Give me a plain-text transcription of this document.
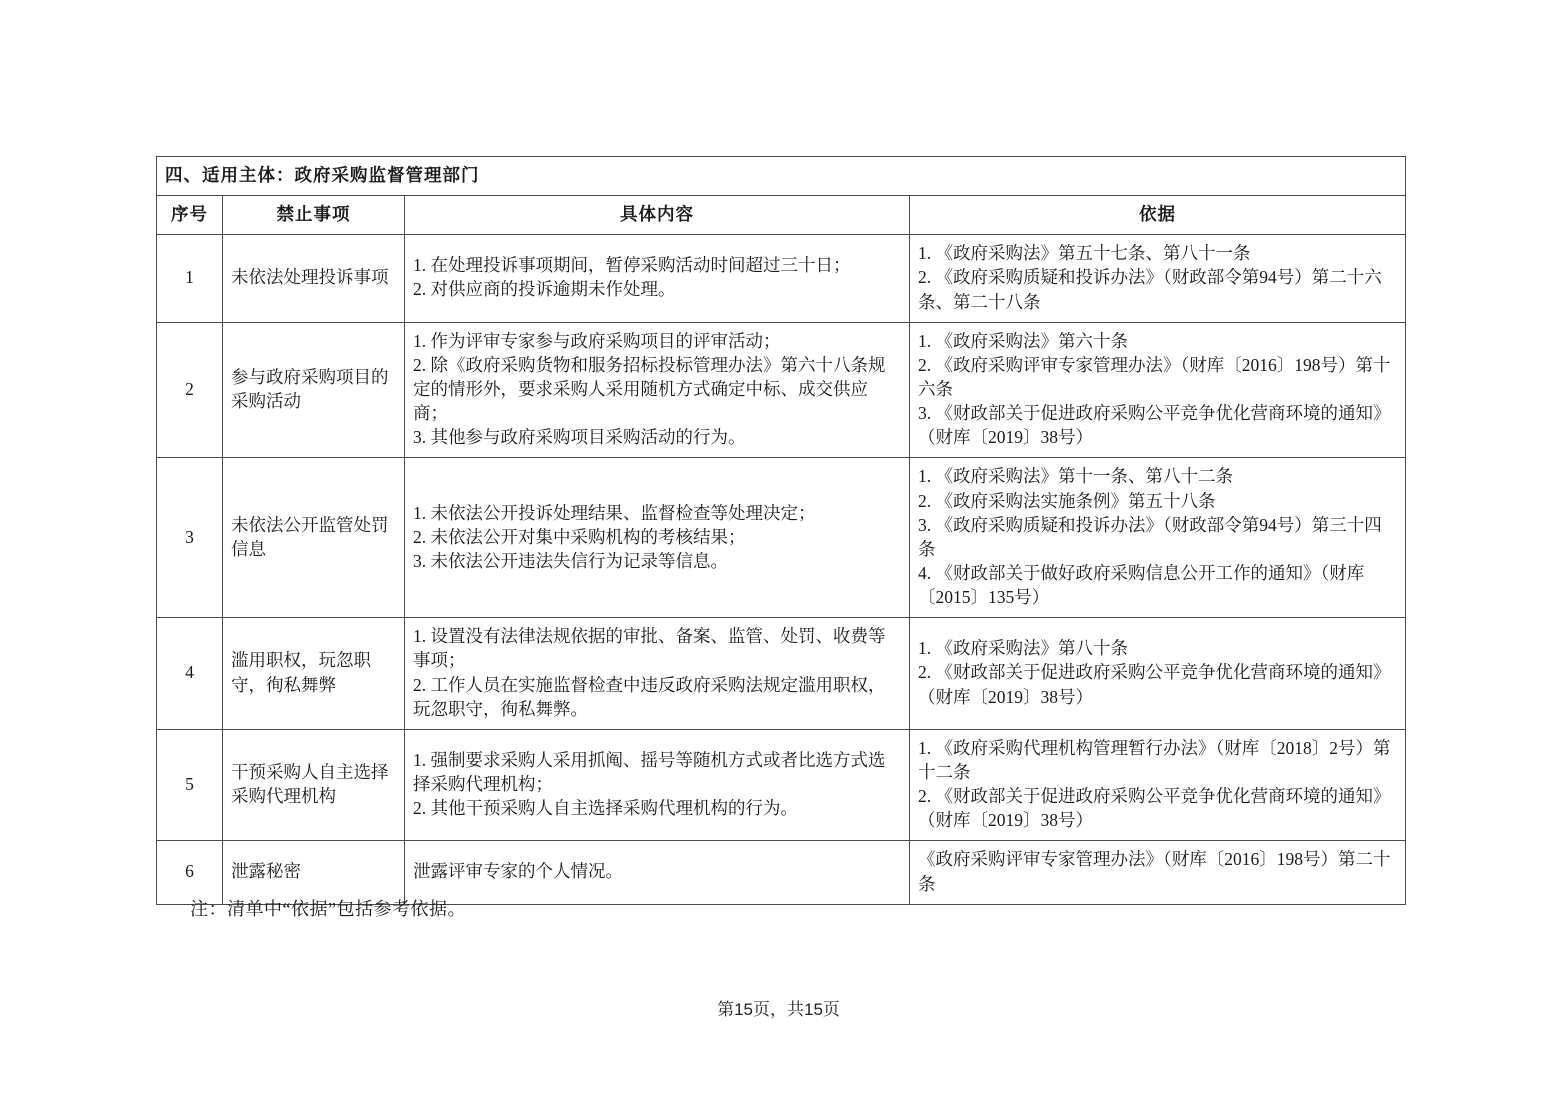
四、适用主体：政府采购监督管理部门			
序号	禁止事项	具体内容	依据
1	未依法处理投诉事项	1. 在处理投诉事项期间，暂停采购活动时间超过三十日；
2. 对供应商的投诉逾期未作处理。	1. 《政府采购法》第五十七条、第八十一条
2. 《政府采购质疑和投诉办法》（财政部令第94号）第二十六条、第二十八条

2	参与政府采购项目的采购活动	1. 作为评审专家参与政府采购项目的评审活动；
2. 除《政府采购货物和服务招标投标管理办法》第六十八条规定的情形外，要求采购人采用随机方式确定中标、成交供应商；
3. 其他参与政府采购项目采购活动的行为。	1. 《政府采购法》第六十条
2. 《政府采购评审专家管理办法》（财库〔2016〕198号）第十六条
3. 《财政部关于促进政府采购公平竞争优化营商环境的通知》（财库〔2019〕38号）

3	未依法公开监管处罚信息	1. 未依法公开投诉处理结果、监督检查等处理决定；
2. 未依法公开对集中采购机构的考核结果；
3. 未依法公开违法失信行为记录等信息。	1. 《政府采购法》第十一条、第八十二条
2. 《政府采购法实施条例》第五十八条
3. 《政府采购质疑和投诉办法》（财政部令第94号）第三十四条
4. 《财政部关于做好政府采购信息公开工作的通知》（财库〔2015〕135号）

4	滥用职权，玩忽职守，徇私舞弊	1. 设置没有法律法规依据的审批、备案、监管、处罚、收费等事项；
2. 工作人员在实施监督检查中违反政府采购法规定滥用职权，玩忽职守，徇私舞弊。	1. 《政府采购法》第八十条
2. 《财政部关于促进政府采购公平竞争优化营商环境的通知》（财库〔2019〕38号）

5	干预采购人自主选择采购代理机构	1. 强制要求采购人采用抓阄、摇号等随机方式或者比选方式选择采购代理机构；
2. 其他干预采购人自主选择采购代理机构的行为。	1. 《政府采购代理机构管理暂行办法》（财库〔2018〕2号）第十二条
2. 《财政部关于促进政府采购公平竞争优化营商环境的通知》（财库〔2019〕38号）

6	泄露秘密	泄露评审专家的个人情况。	《政府采购评审专家管理办法》（财库〔2016〕198号）第二十条
注：清单中“依据”包括参考依据。
第15页，共15页
